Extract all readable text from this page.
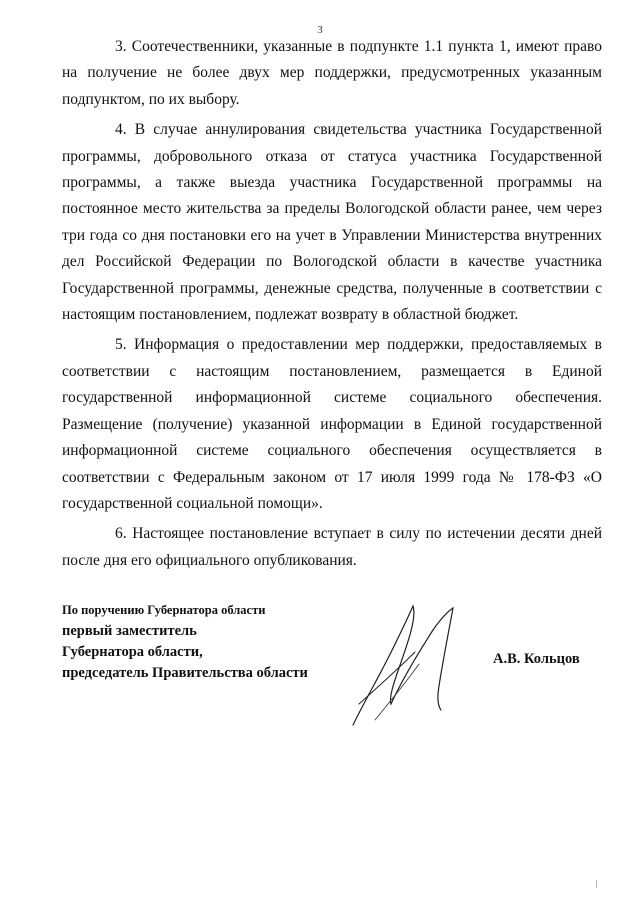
3

3. Соотечественники, указанные в подпункте 1.1 пункта 1, имеют право на получение не более двух мер поддержки, предусмотренных указанным подпунктом, по их выбору.

4. В случае аннулирования свидетельства участника Государственной программы, добровольного отказа от статуса участника Государственной программы, а также выезда участника Государственной программы на постоянное место жительства за пределы Вологодской области ранее, чем через три года со дня постановки его на учет в Управлении Министерства внутренних дел Российской Федерации по Вологодской области в качестве участника Государственной программы, денежные средства, полученные в соответствии с настоящим постановлением, подлежат возврату в областной бюджет.

5. Информация о предоставлении мер поддержки, предоставляемых в соответствии с настоящим постановлением, размещается в Единой государственной информационной системе социального обеспечения. Размещение (получение) указанной информации в Единой государственной информационной системе социального обеспечения осуществляется в соответствии с Федеральным законом от 17 июля 1999 года № 178-ФЗ «О государственной социальной помощи».

6. Настоящее постановление вступает в силу по истечении десяти дней после дня его официального опубликования.

По поручению Губернатора области
первый заместитель
Губернатора области,
председатель Правительства области
А.В. Кольцов
